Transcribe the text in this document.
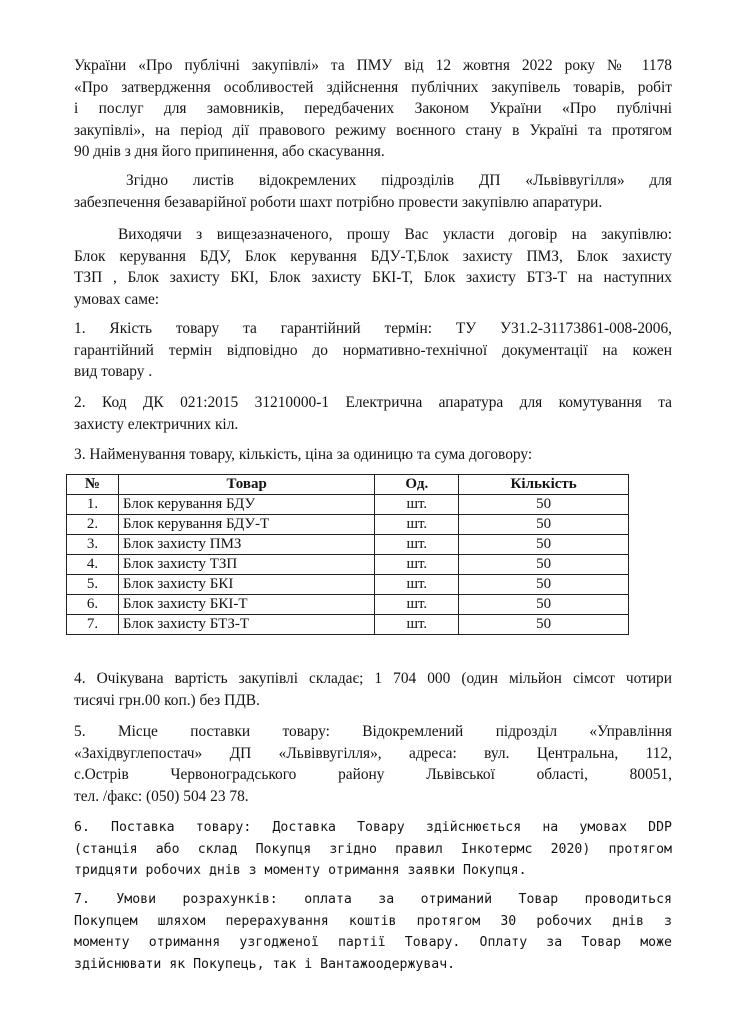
України «Про публічні закупівлі» та ПМУ від 12 жовтня 2022 року № 1178
«Про затвердження особливостей здійснення публічних закупівель товарів, робіт
і послуг для замовників, передбачених Законом України «Про публічні
закупівлі», на період дії правового режиму воєнного стану в Україні та протягом
90 днів з дня його припинення, або скасування.
Згідно листів відокремлених підрозділів ДП «Львіввугілля» для
забезпечення безаварійної роботи шахт потрібно провести закупівлю апаратури.
Виходячи з вищезазначеного, прошу Вас укласти договір на закупівлю:
Блок керування БДУ, Блок керування БДУ-Т,Блок захисту ПМЗ, Блок захисту
ТЗП , Блок захисту БКІ, Блок захисту БКІ-Т, Блок захисту БТЗ-Т на наступних
умовах саме:
1. Якість товару та гарантійний термін: ТУ У31.2-31173861-008-2006,
гарантійний термін відповідно до нормативно-технічної документації на кожен
вид товару .
2. Код ДК 021:2015 31210000-1 Електрична апаратура для комутування та
захисту електричних кіл.
3. Найменування товару, кількість, ціна за одиницю та сума договору:
№	Товар	Од.	Кількість
1.	Блок керування БДУ	шт.	50
2.	Блок керування БДУ-Т	шт.	50
3.	Блок захисту ПМЗ	шт.	50
4.	Блок захисту ТЗП	шт.	50
5.	Блок захисту БКІ	шт.	50
6.	Блок захисту БКІ-Т	шт.	50
7.	Блок захисту БТЗ-Т	шт.	50
4. Очікувана вартість закупівлі складає; 1 704 000 (один мільйон сімсот чотири
тисячі грн.00 коп.) без ПДВ.
5. Місце поставки товару: Відокремлений підрозділ «Управління
«Західвуглепостач» ДП «Львіввугілля», адреса: вул. Центральна, 112,
с.Острів Червоноградського району Львівської області, 80051,
тел. /факс: (050) 504 23 78.
6. Поставка товару: Доставка Товару здійснюється на умовах DDP
(станція або склад Покупця згідно правил Інкотермс 2020) протягом
тридцяти робочих днів з моменту отримання заявки Покупця.
7. Умови розрахунків: оплата за отриманий Товар проводиться
Покупцем шляхом перерахування коштів протягом 30 робочих днів з
моменту отримання узгодженої партії Товару. Оплату за Товар може
здійснювати як Покупець, так і Вантажоодержувач.
